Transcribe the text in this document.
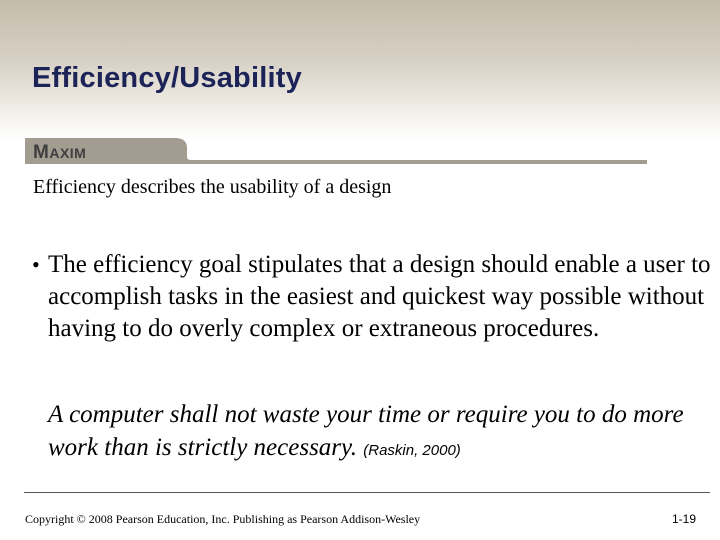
Efficiency/Usability
MAXIM
Efficiency describes the usability of a design
• The efficiency goal stipulates that a design should enable a user to accomplish tasks in the easiest and quickest way possible without having to do overly complex or extraneous procedures.
A computer shall not waste your time or require you to do more work than is strictly necessary. (Raskin, 2000)
Copyright © 2008 Pearson Education, Inc. Publishing as Pearson Addison-Wesley	1-19
